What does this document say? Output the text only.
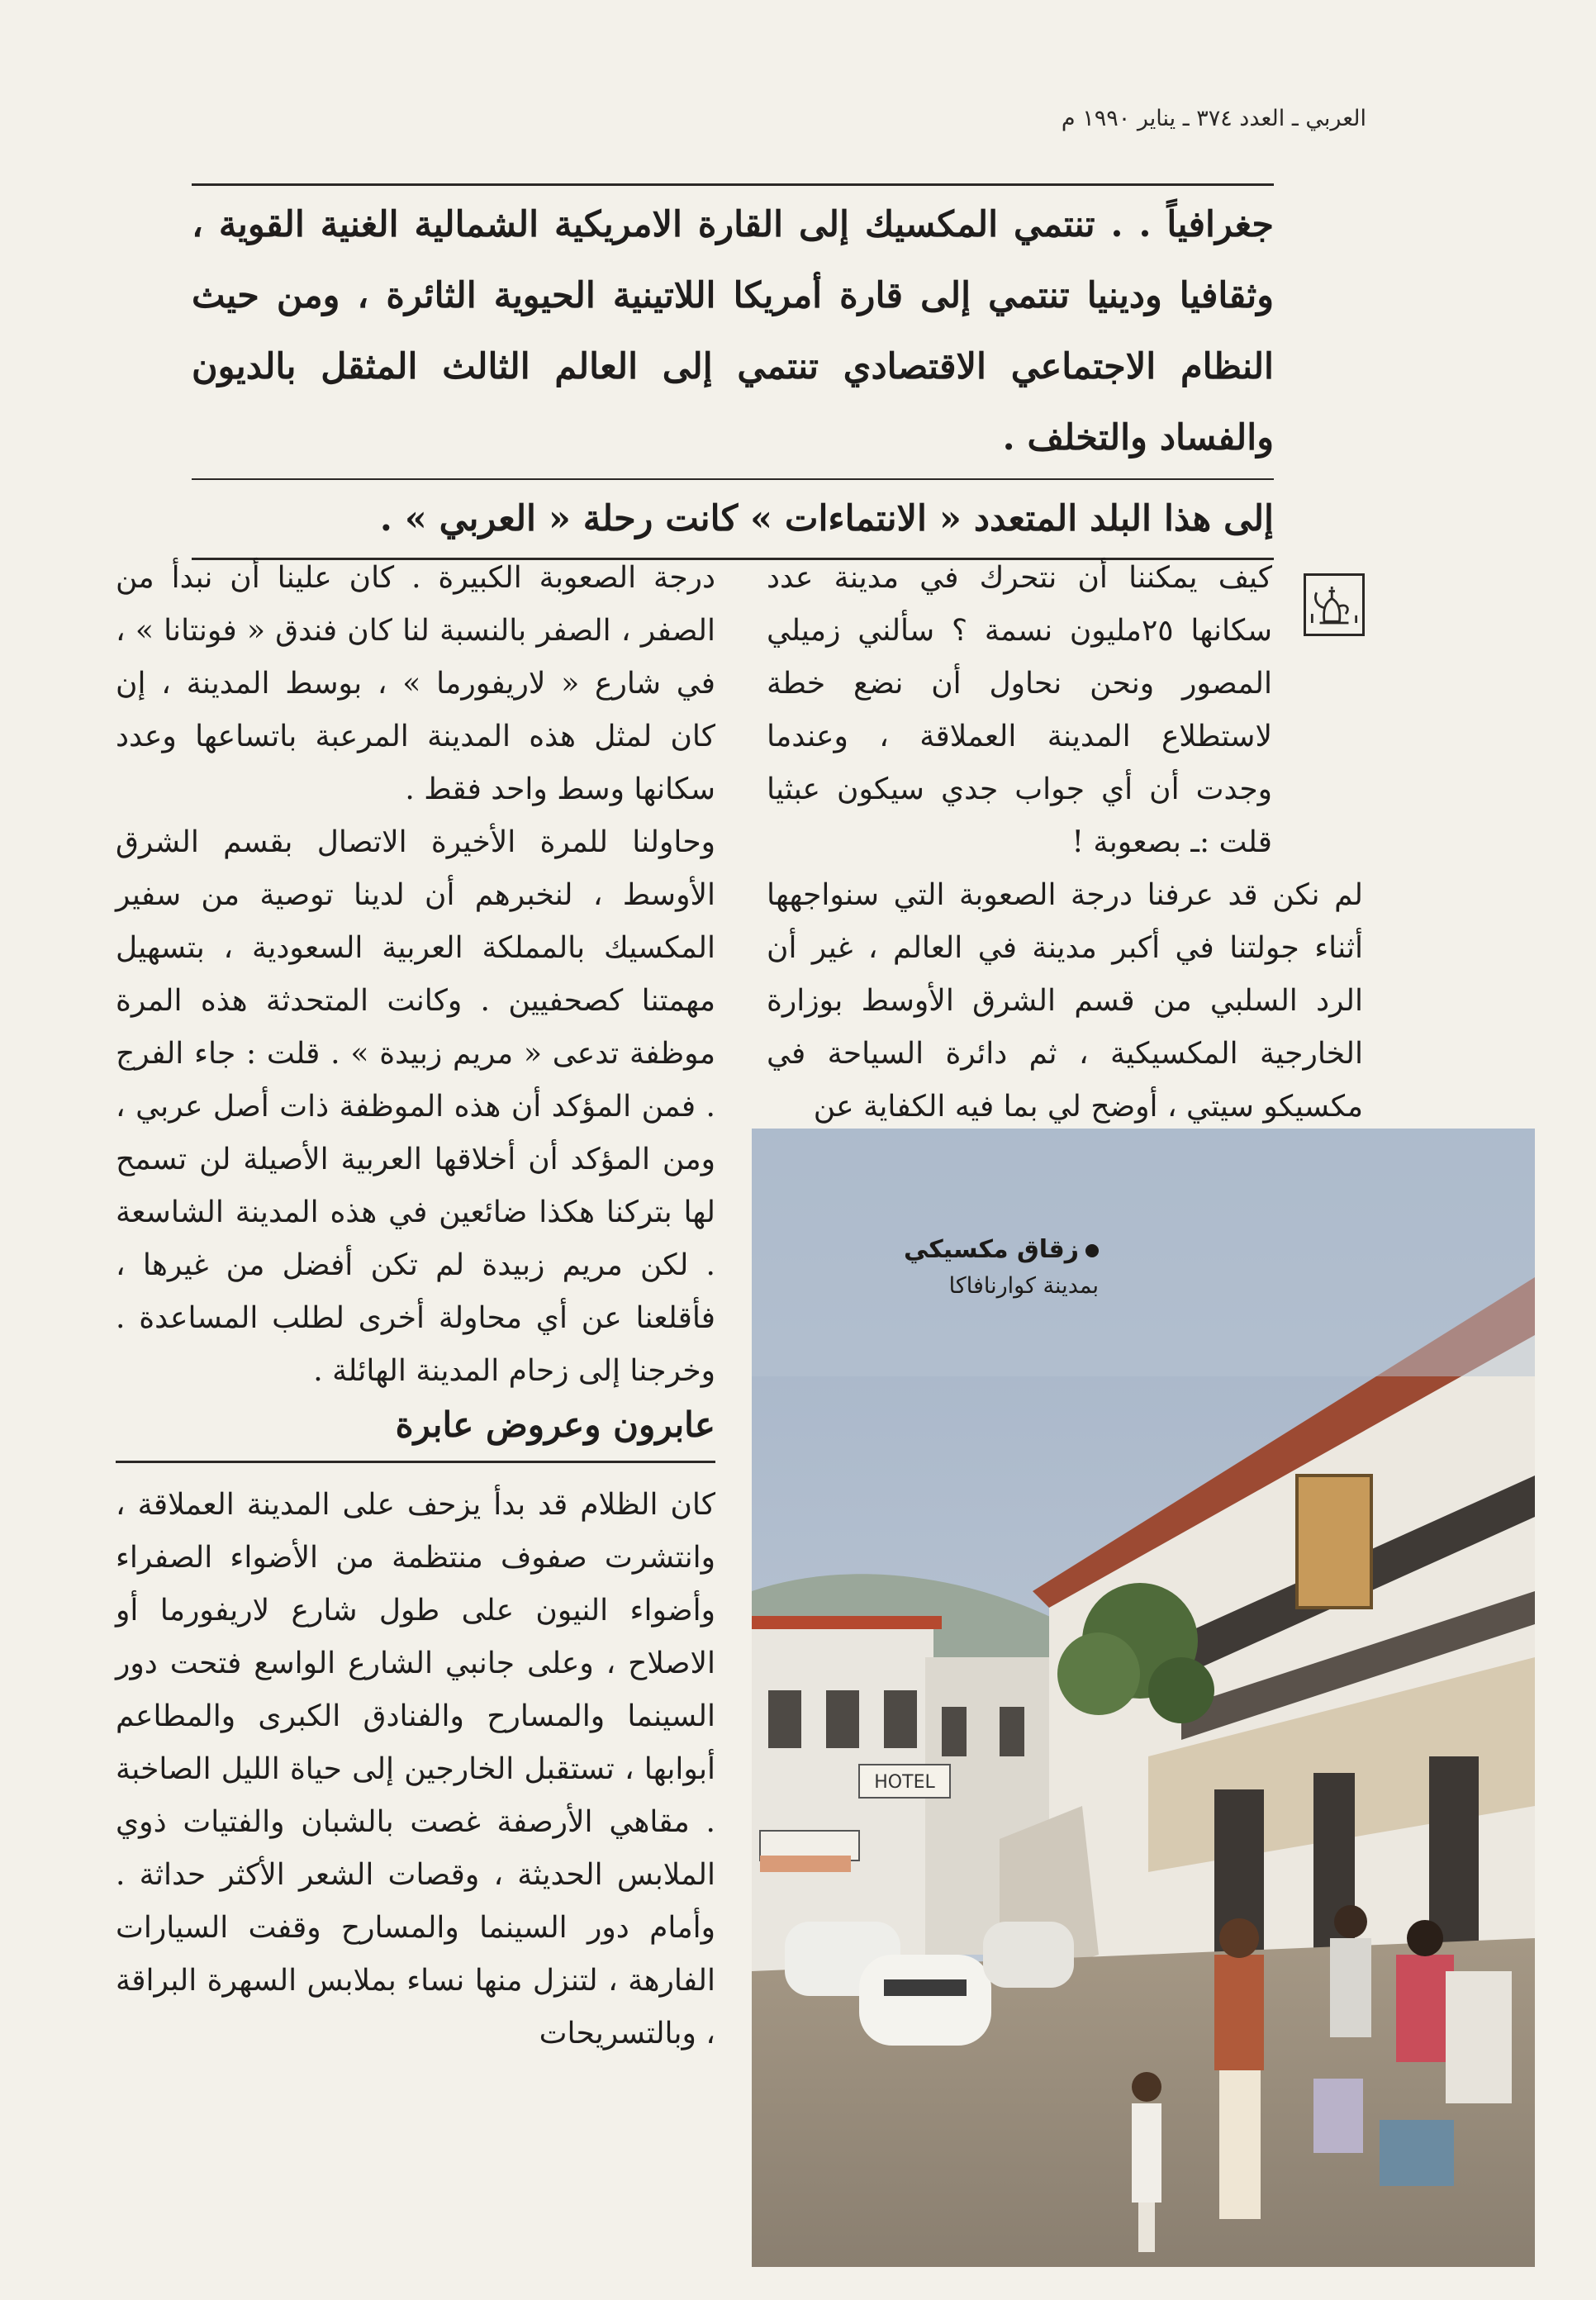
العربي ـ العدد ٣٧٤ ـ يناير ١٩٩٠ م

جغرافياً . . تنتمي المكسيك إلى القارة الامريكية الشمالية الغنية القوية ، وثقافيا ودينيا تنتمي إلى قارة أمريكا اللاتينية الحيوية الثائرة ، ومن حيث النظام الاجتماعي الاقتصادي تنتمي إلى العالم الثالث المثقل بالديون والفساد والتخلف .

إلى هذا البلد المتعدد « الانتماءات » كانت رحلة « العربي » .

كيف يمكننا أن نتحرك في مدينة عدد سكانها ٢٥مليون نسمة ؟ سألني زميلي المصور ونحن نحاول أن نضع خطة لاستطلاع المدينة العملاقة ، وعندما وجدت أن أي جواب جدي سيكون عبثيا قلت :ـ بصعوبة !

لم نكن قد عرفنا درجة الصعوبة التي سنواجهها أثناء جولتنا في أكبر مدينة في العالم ، غير أن الرد السلبي من قسم الشرق الأوسط بوزارة الخارجية المكسيكية ، ثم دائرة السياحة في مكسيكو سيتي ، أوضح لي بما فيه الكفاية عن

درجة الصعوبة الكبيرة . كان علينا أن نبدأ من الصفر ، الصفر بالنسبة لنا كان فندق « فونتانا » ، في شارع « لاريفورما » ، بوسط المدينة ، إن كان لمثل هذه المدينة المرعبة باتساعها وعدد سكانها وسط واحد فقط .

وحاولنا للمرة الأخيرة الاتصال بقسم الشرق الأوسط ، لنخبرهم أن لدينا توصية من سفير المكسيك بالمملكة العربية السعودية ، بتسهيل مهمتنا كصحفيين . وكانت المتحدثة هذه المرة موظفة تدعى « مريم زبيدة » . قلت : جاء الفرج . فمن المؤكد أن هذه الموظفة ذات أصل عربي ، ومن المؤكد أن أخلاقها العربية الأصيلة لن تسمح لها بتركنا هكذا ضائعين في هذه المدينة الشاسعة . لكن مريم زبيدة لم تكن أفضل من غيرها ، فأقلعنا عن أي محاولة أخرى لطلب المساعدة . وخرجنا إلى زحام المدينة الهائلة .

عابرون وعروض عابرة

كان الظلام قد بدأ يزحف على المدينة العملاقة ، وانتشرت صفوف منتظمة من الأضواء الصفراء وأضواء النيون على طول شارع لاريفورما أو الاصلاح ، وعلى جانبي الشارع الواسع فتحت دور السينما والمسارح والفنادق الكبرى والمطاعم أبوابها ، تستقبل الخارجين إلى حياة الليل الصاخبة . مقاهي الأرصفة غصت بالشبان والفتيات ذوي الملابس الحديثة ، وقصات الشعر الأكثر حداثة . وأمام دور السينما والمسارح وقفت السيارات الفارهة ، لتنزل منها نساء بملابس السهرة البراقة ، وبالتسريحات

HOTEL
زقاق مكسيكي
بمدينة كوارنافاكا
